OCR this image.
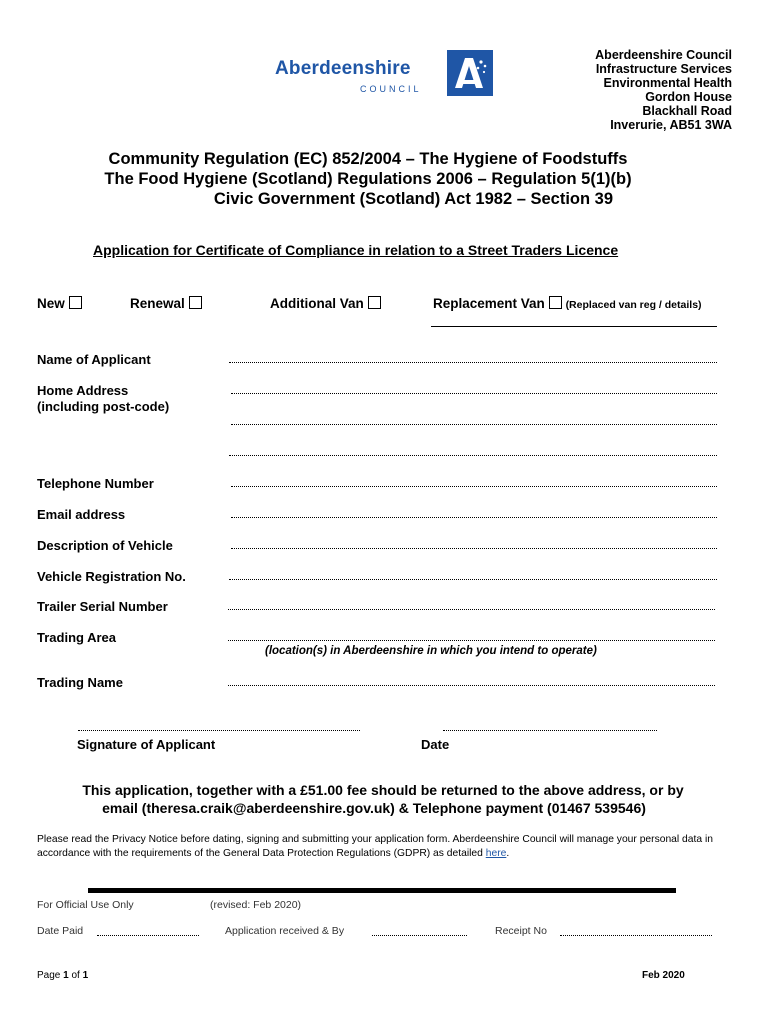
Aberdeenshire
COUNCIL
Aberdeenshire Council
Infrastructure Services
Environmental Health
Gordon House
Blackhall Road
Inverurie, AB51 3WA
Community Regulation (EC) 852/2004 – The Hygiene of Foodstuffs
The Food Hygiene (Scotland) Regulations 2006 – Regulation 5(1)(b)
Civic Government (Scotland) Act 1982 – Section 39
Application for Certificate of Compliance in relation to a Street Traders Licence
New	Renewal	Additional Van	Replacement Van (Replaced van reg / details)
Name of Applicant
Home Address
(including post-code)
Telephone Number
Email address
Description of Vehicle
Vehicle Registration No.
Trailer Serial Number
Trading Area
(location(s) in Aberdeenshire in which you intend to operate)
Trading Name
Signature of Applicant	Date
This application, together with a £51.00 fee should be returned to the above address, or by
email (theresa.craik@aberdeenshire.gov.uk) & Telephone payment (01467 539546)
Please read the Privacy Notice before dating, signing and submitting your application form. Aberdeenshire Council will manage your personal data in accordance with the requirements of the General Data Protection Regulations (GDPR) as detailed here.
For Official Use Only	(revised: Feb 2020)
Date Paid	Application received & By	Receipt No
Page 1 of 1	Feb 2020
